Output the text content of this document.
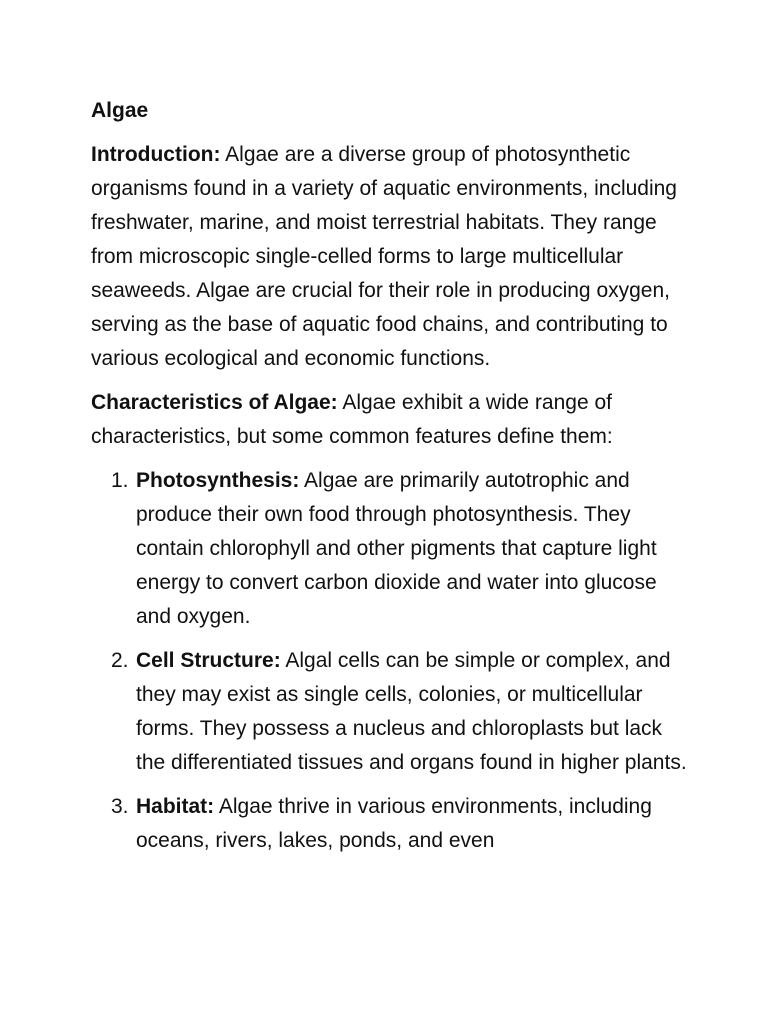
Algae

Introduction: Algae are a diverse group of photosynthetic organisms found in a variety of aquatic environments, including freshwater, marine, and moist terrestrial habitats. They range from microscopic single-celled forms to large multicellular seaweeds. Algae are crucial for their role in producing oxygen, serving as the base of aquatic food chains, and contributing to various ecological and economic functions.

Characteristics of Algae: Algae exhibit a wide range of characteristics, but some common features define them:

1. Photosynthesis: Algae are primarily autotrophic and produce their own food through photosynthesis. They contain chlorophyll and other pigments that capture light energy to convert carbon dioxide and water into glucose and oxygen.
2. Cell Structure: Algal cells can be simple or complex, and they may exist as single cells, colonies, or multicellular forms. They possess a nucleus and chloroplasts but lack the differentiated tissues and organs found in higher plants.
3. Habitat: Algae thrive in various environments, including oceans, rivers, lakes, ponds, and even
